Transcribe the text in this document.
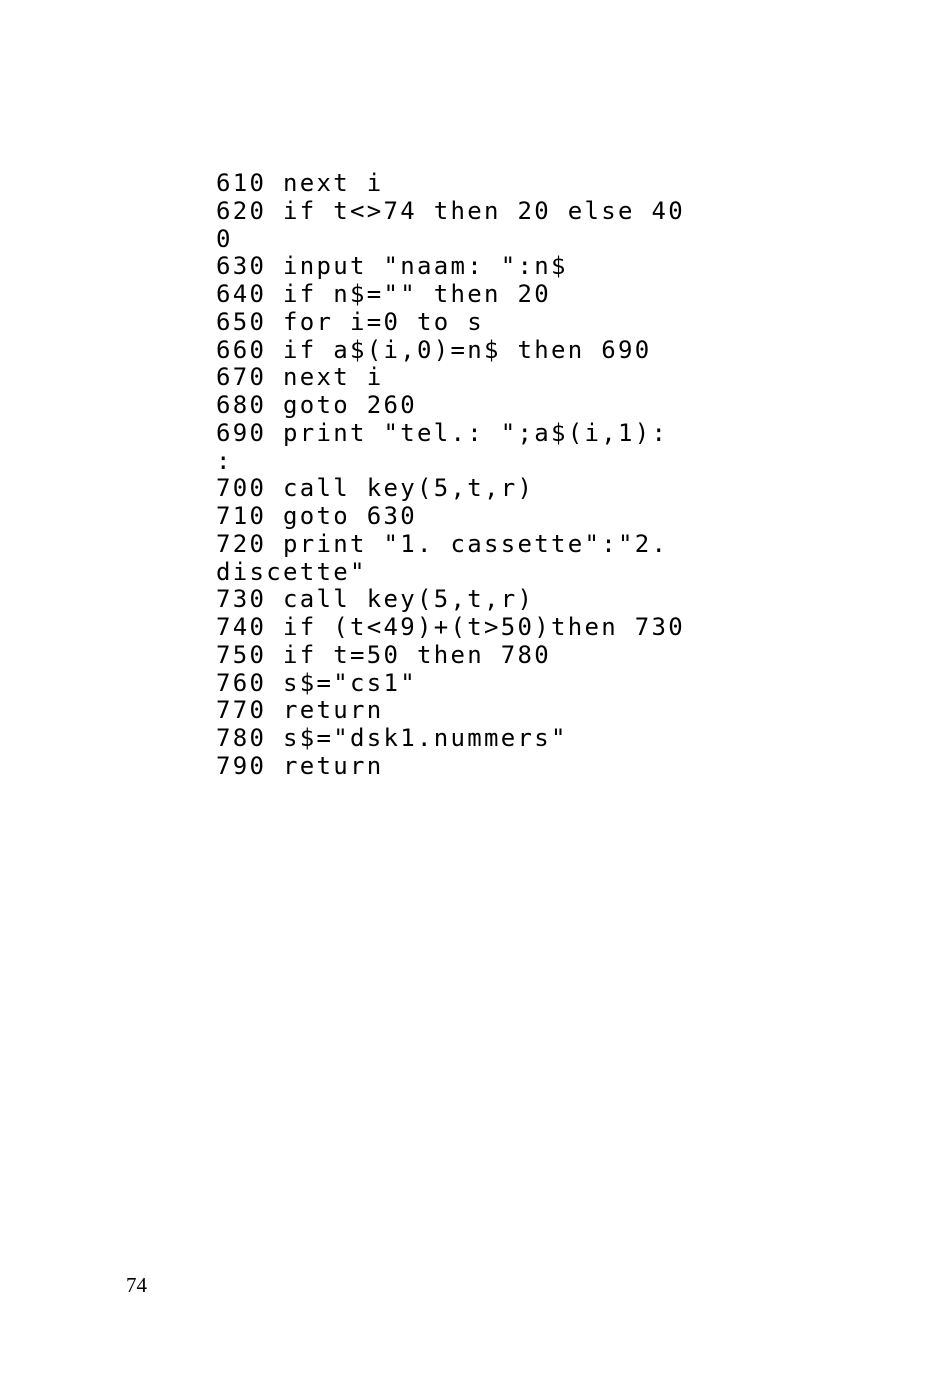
610 next i
620 if t<>74 then 20 else 40
0
630 input "naam: ":n$
640 if n$="" then 20
650 for i=0 to s
660 if a$(i,0)=n$ then 690
670 next i
680 goto 260
690 print "tel.: ";a$(i,1):
:
700 call key(5,t,r)
710 goto 630
720 print "1. cassette":"2.
discette"
730 call key(5,t,r)
740 if (t<49)+(t>50)then 730
750 if t=50 then 780
760 s$="cs1"
770 return
780 s$="dsk1.nummers"
790 return
74
